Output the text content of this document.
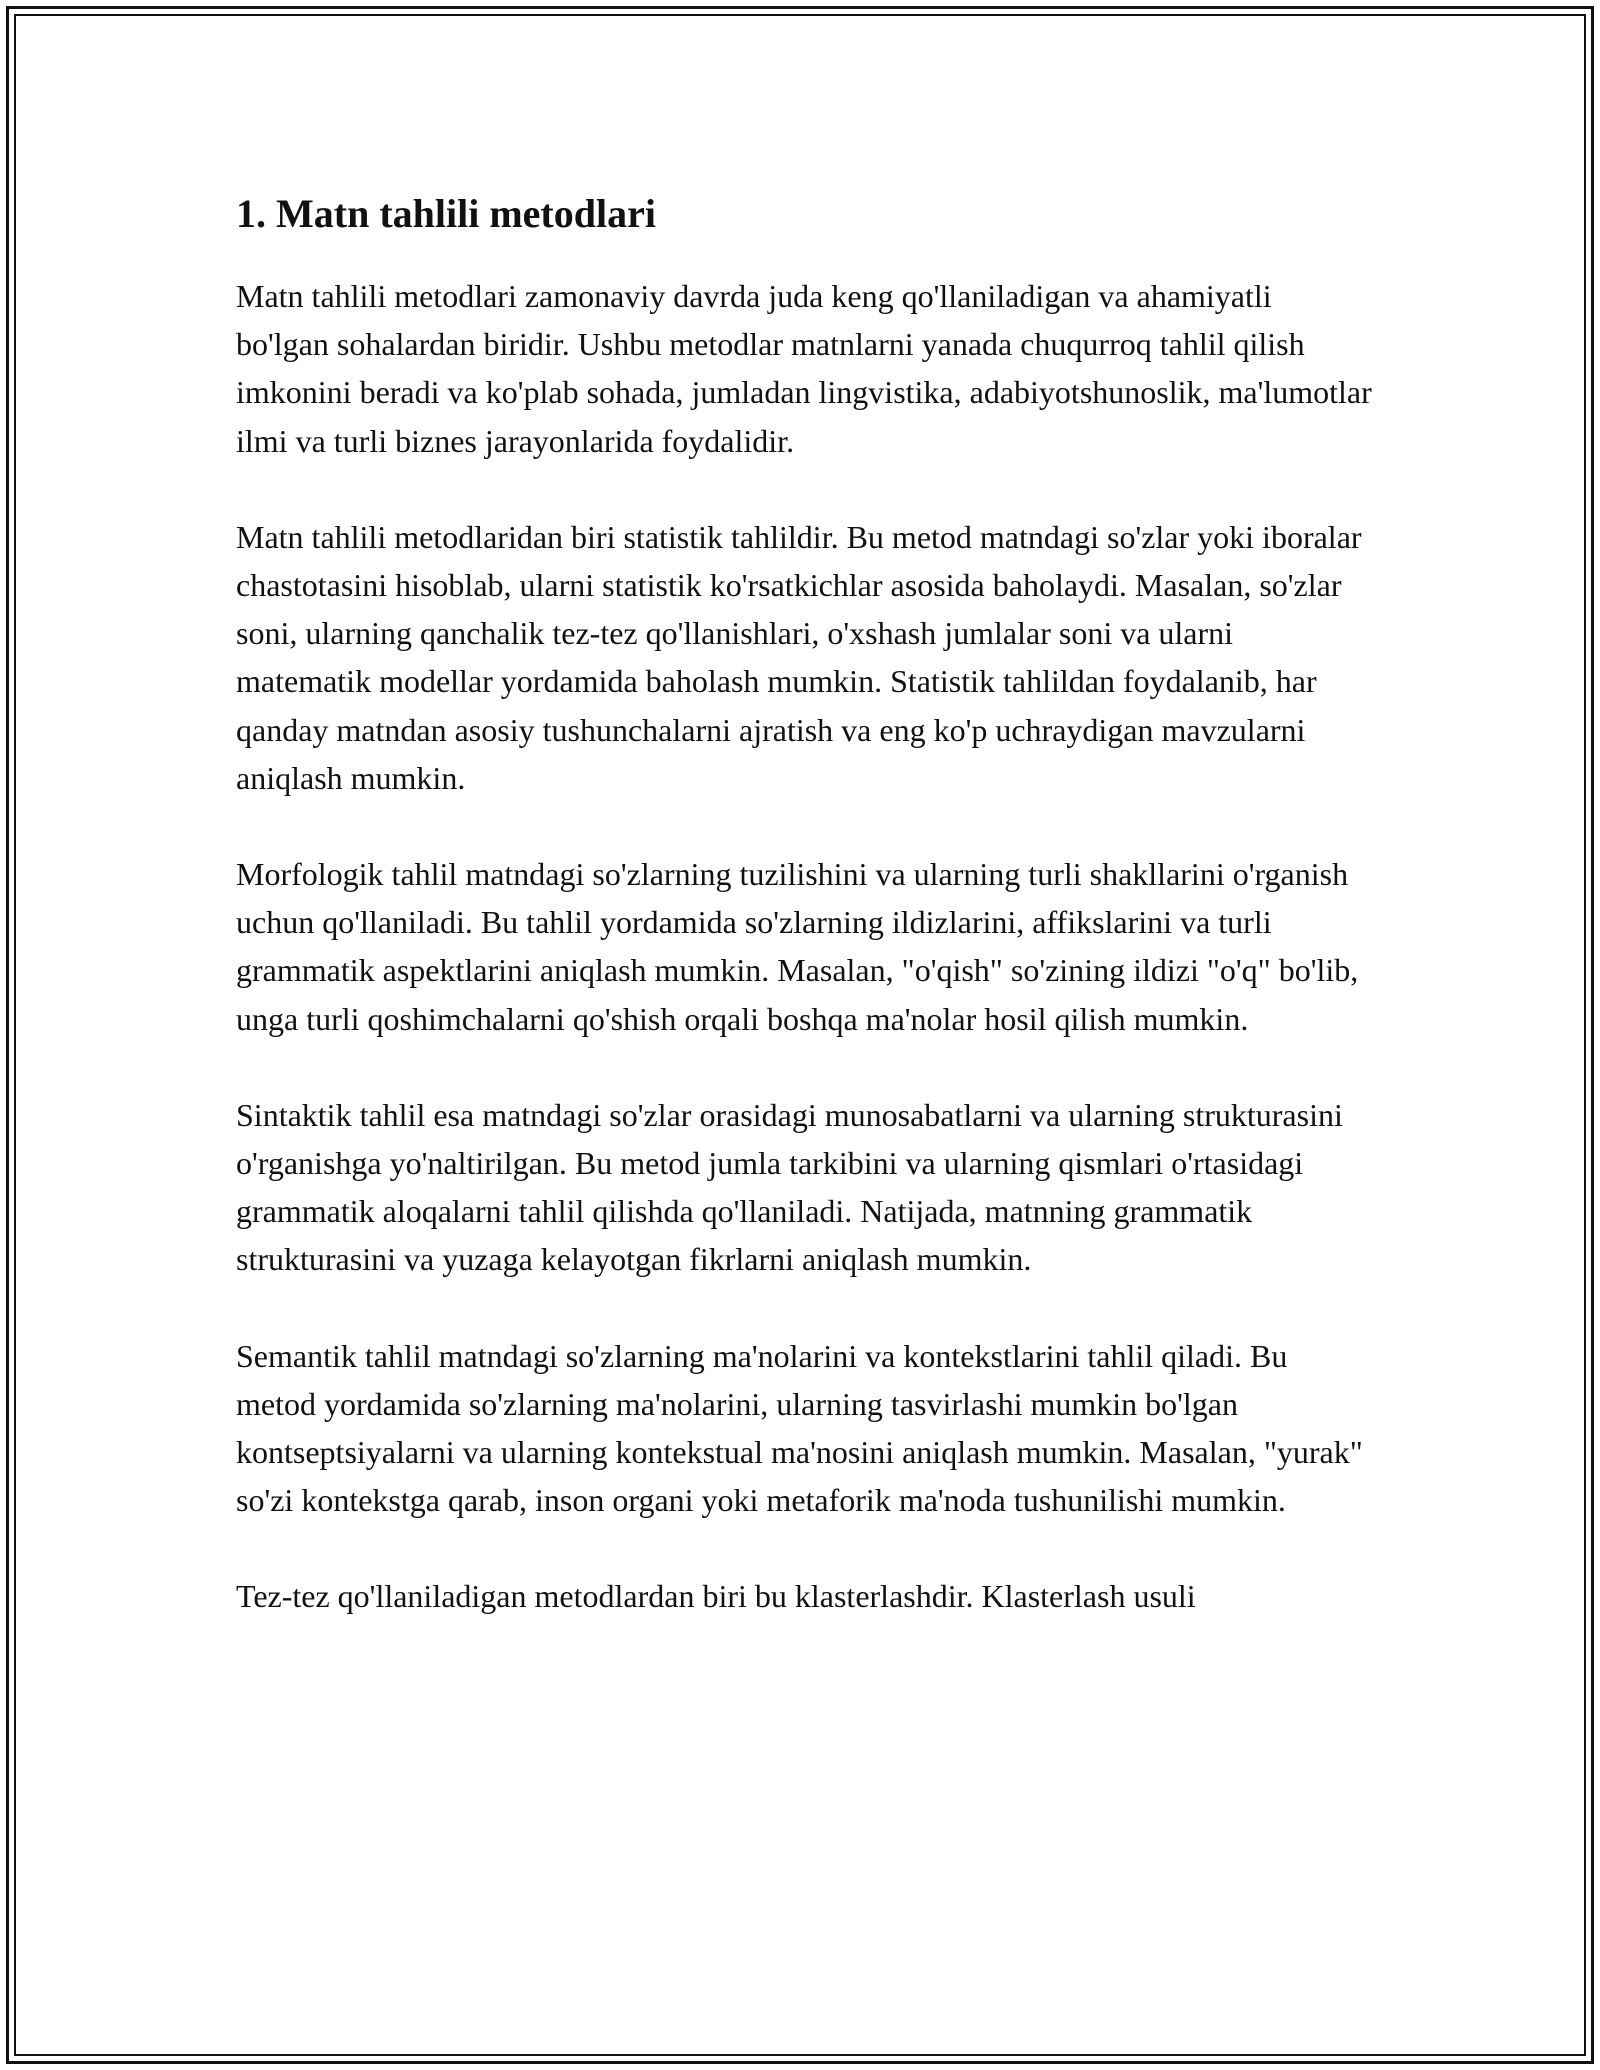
1. Matn tahlili metodlari

Matn tahlili metodlari zamonaviy davrda juda keng qo'llaniladigan va ahamiyatli bo'lgan sohalardan biridir. Ushbu metodlar matnlarni yanada chuqurroq tahlil qilish imkonini beradi va ko'plab sohada, jumladan lingvistika, adabiyotshunoslik, ma'lumotlar ilmi va turli biznes jarayonlarida foydalidir.

Matn tahlili metodlaridan biri statistik tahlildir. Bu metod matndagi so'zlar yoki iboralar chastotasini hisoblab, ularni statistik ko'rsatkichlar asosida baholaydi. Masalan, so'zlar soni, ularning qanchalik tez-tez qo'llanishlari, o'xshash jumlalar soni va ularni matematik modellar yordamida baholash mumkin. Statistik tahlildan foydalanib, har qanday matndan asosiy tushunchalarni ajratish va eng ko'p uchraydigan mavzularni aniqlash mumkin.

Morfologik tahlil matndagi so'zlarning tuzilishini va ularning turli shakllarini o'rganish uchun qo'llaniladi. Bu tahlil yordamida so'zlarning ildizlarini, affikslarini va turli grammatik aspektlarini aniqlash mumkin. Masalan, "o'qish" so'zining ildizi "o'q" bo'lib, unga turli qoshimchalarni qo'shish orqali boshqa ma'nolar hosil qilish mumkin.

Sintaktik tahlil esa matndagi so'zlar orasidagi munosabatlarni va ularning strukturasini o'rganishga yo'naltirilgan. Bu metod jumla tarkibini va ularning qismlari o'rtasidagi grammatik aloqalarni tahlil qilishda qo'llaniladi. Natijada, matnning grammatik strukturasini va yuzaga kelayotgan fikrlarni aniqlash mumkin.

Semantik tahlil matndagi so'zlarning ma'nolarini va kontekstlarini tahlil qiladi. Bu metod yordamida so'zlarning ma'nolarini, ularning tasvirlashi mumkin bo'lgan kontseptsiyalarni va ularning kontekstual ma'nosini aniqlash mumkin. Masalan, "yurak" so'zi kontekstga qarab, inson organi yoki metaforik ma'noda tushunilishi mumkin.

Tez-tez qo'llaniladigan metodlardan biri bu klasterlashdir. Klasterlash usuli
